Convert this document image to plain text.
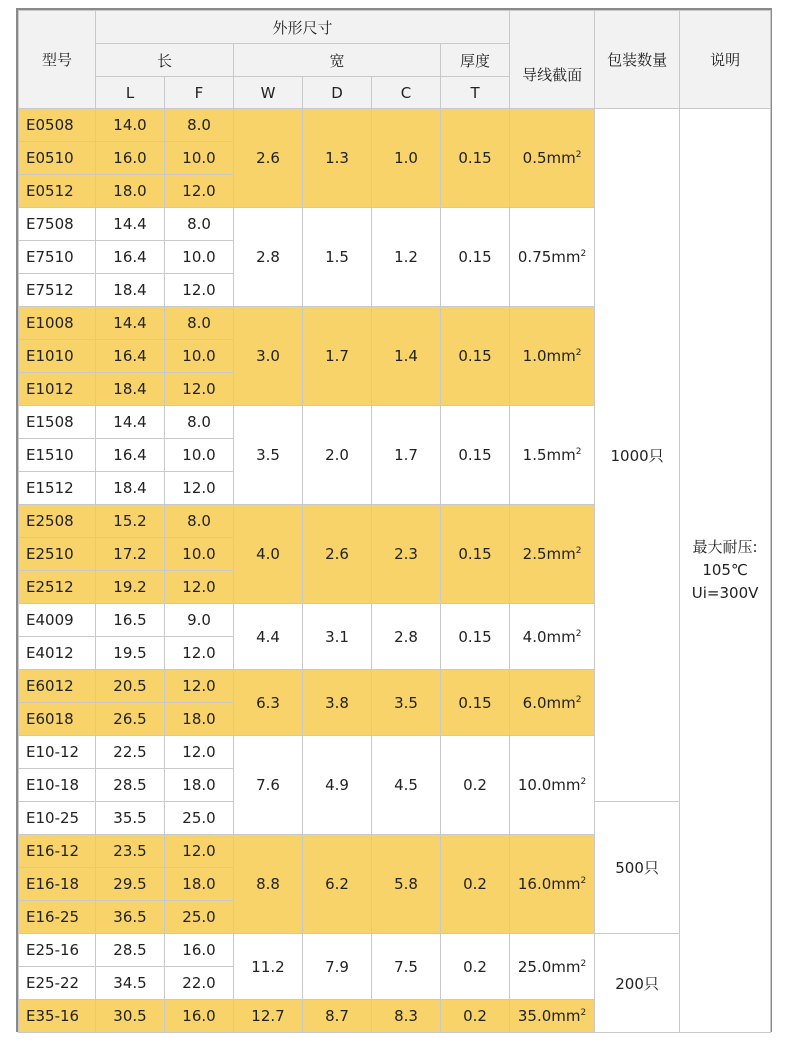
型号	外形尺寸						导线截面	包装数量	说明
	长		宽			厚度			
	L	F	W	D	C	T			
E0508	14.0	8.0	2.6	1.3	1.0	0.15	$0.5mm^2$	1000只	最大耐压:
105℃
Ui=300V

E0510	16.0	10.0							
E0512	18.0	12.0							
E7508	14.4	8.0	2.8	1.5	1.2	0.15	$0.75mm^2$
E7510	16.4	10.0							
E7512	18.4	12.0							
E1008	14.4	8.0	3.0	1.7	1.4	0.15	$1.0mm^2$
E1010	16.4	10.0							
E1012	18.4	12.0							
E1508	14.4	8.0	3.5	2.0	1.7	0.15	$1.5mm^2$
E1510	16.4	10.0							
E1512	18.4	12.0							
E2508	15.2	8.0	4.0	2.6	2.3	0.15	$2.5mm^2$
E2510	17.2	10.0							
E2512	19.2	12.0							
E4009	16.5	9.0	4.4	3.1	2.8	0.15	$4.0mm^2$
E4012	19.5	12.0							
E6012	20.5	12.0	6.3	3.8	3.5	0.15	$6.0mm^2$
E6018	26.5	18.0							
E10-12	22.5	12.0	7.6	4.9	4.5	0.2	$10.0mm^2$
E10-18	28.5	18.0							
E10-25	35.5	25.0						500只	
E16-12	23.5	12.0	8.8	6.2	5.8	0.2	$16.0mm^2$
E16-18	29.5	18.0							
E16-25	36.5	25.0							
E25-16	28.5	16.0	11.2	7.9	7.5	0.2	$25.0mm^2$	200只	
E25-22	34.5	22.0							
E35-16	30.5	16.0	12.7	8.7	8.3	0.2	$35.0mm^2$
